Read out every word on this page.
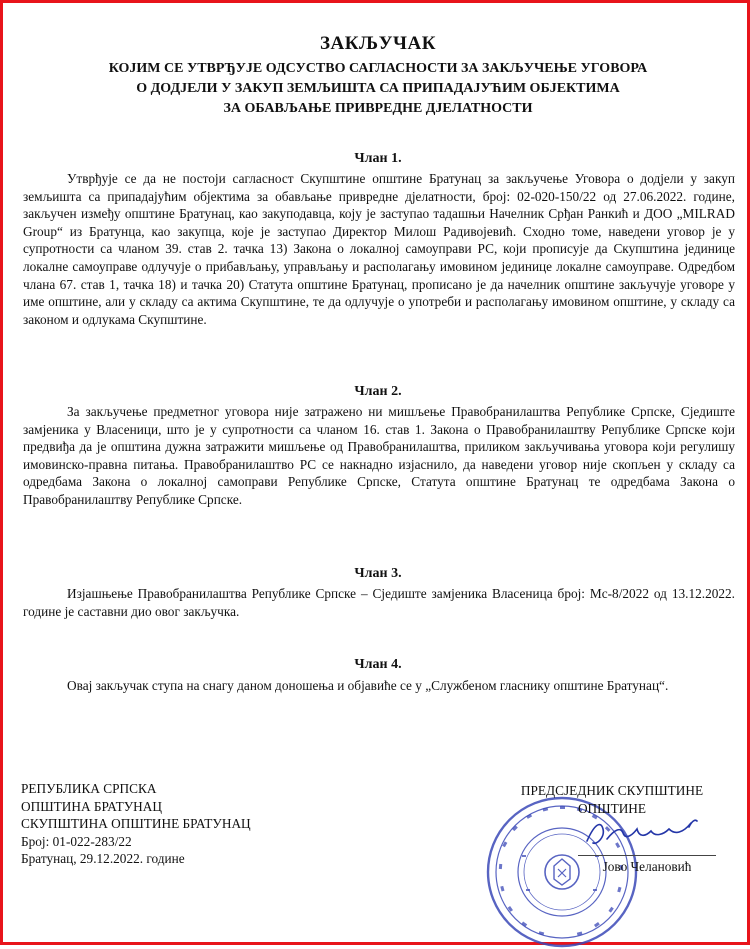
ЗАКЉУЧАК
КОЈИМ СЕ УТВРЂУЈЕ ОДСУСТВО САГЛАСНОСТИ ЗА ЗАКЉУЧЕЊЕ УГОВОРА
О ДОДЈЕЛИ У ЗАКУП ЗЕМЉИШТА СА ПРИПАДАЈУЋИМ ОБЈЕКТИМА
ЗА ОБАВЉАЊЕ ПРИВРЕДНЕ ДЈЕЛАТНОСТИ
Члан 1.

Утврђује се да не постоји сагласност Скупштине општине Братунац за закључење Уговора о додјели у закуп земљишта са припадајућим објектима за обављање привредне дјелатности, број: 02-020-150/22 од 27.06.2022. године, закључен између општине Братунац, као закуподавца, коју је заступао тадашњи Начелник Срђан Ранкић и ДОО „MILRAD Group“ из Братунца, као закупца, које је заступао Директор Милош Радивојевић. Сходно томе, наведени уговор је у супротности са чланом 39. став 2. тачка 13) Закона о локалној самоуправи РС, који прописује да Скупштина јединице локалне самоуправе одлучује о прибављању, управљању и располагању имовином јединице локалне самоуправе. Одредбом члана 67. став 1, тачка 18) и тачка 20) Статута општине Братунац, прописано је да начелник општине закључује уговоре у име општине, али у складу са актима Скупштине, те да одлучује о употреби и располагању имовином општине, у складу са законом и одлукама Скупштине.

Члан 2.

За закључење предметног уговора није затражено ни мишљење Правобранилаштва Републике Српске, Сједиште замјеника у Власеници, што је у супротности са чланом 16. став 1. Закона о Правобранилаштву Републике Српске који предвиђа да је општина дужна затражити мишљење од Правобранилаштва, приликом закључивања уговора који регулишу имовинско-правна питања. Правобранилаштво РС се накнадно изјаснило, да наведени уговор није скопљен у складу са одредбама Закона о локалној самоправи Републике Српске, Статута општине Братунац те одредбама Закона о Правобранилаштву Републике Српске.

Члан 3.

Изјашњење Правобранилаштва Републике Српске – Сједиште замјеника Власеница број: Мс-8/2022 од 13.12.2022. године је саставни дио овог закључка.

Члан 4.

Овај закључак ступа на снагу даном доношења и објавиће се у „Службеном гласнику општине Братунац“.

РЕПУБЛИКА СРПСКА
ОПШТИНА БРАТУНАЦ
СКУПШТИНА ОПШТИНЕ БРАТУНАЦ
Број: 01-022-283/22
Братунац, 29.12.2022. године
ПРЕДСЈЕДНИК СКУПШТИНЕ
ОПШТИНЕ
Јово Челановић
